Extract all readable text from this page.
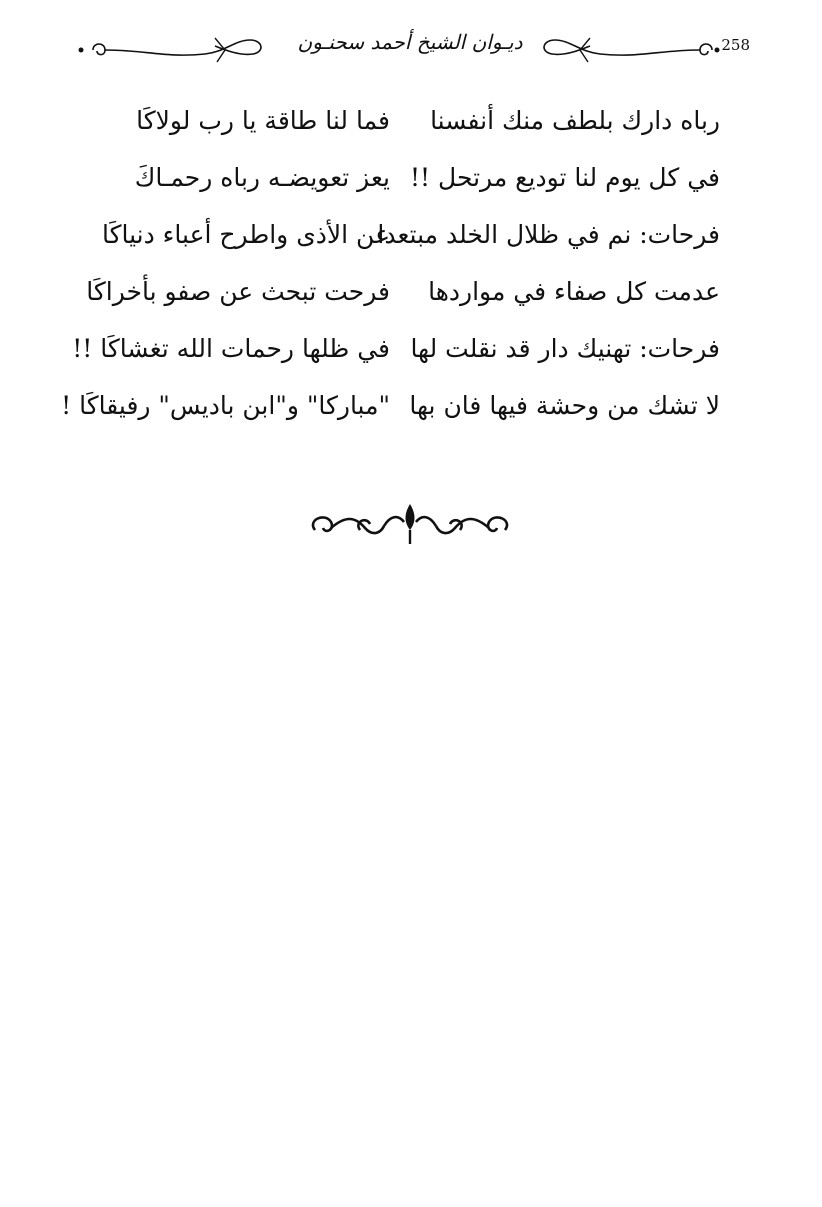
ديـوان الشيخ أحمد سحنـون	258
رباه دارك بلطف منك أنفسنا
فما لنا طاقة يا رب لولاكَا
في كل يوم لنا توديع مرتحل !!
يعز تعويضـه رباه رحمـاكَ
فرحات: نم في ظلال الخلد مبتعدا
عن الأذى واطرح أعباء دنياكَا
عدمت كل صفاء في مواردها
فرحت تبحث عن صفو بأخراكَا
فرحات: تهنيك دار قد نقلت لها
في ظلها رحمات الله تغشاكَا !!
لا تشك من وحشة فيها فان بها
"مباركا" و"ابن باديس" رفيقاكَا !
